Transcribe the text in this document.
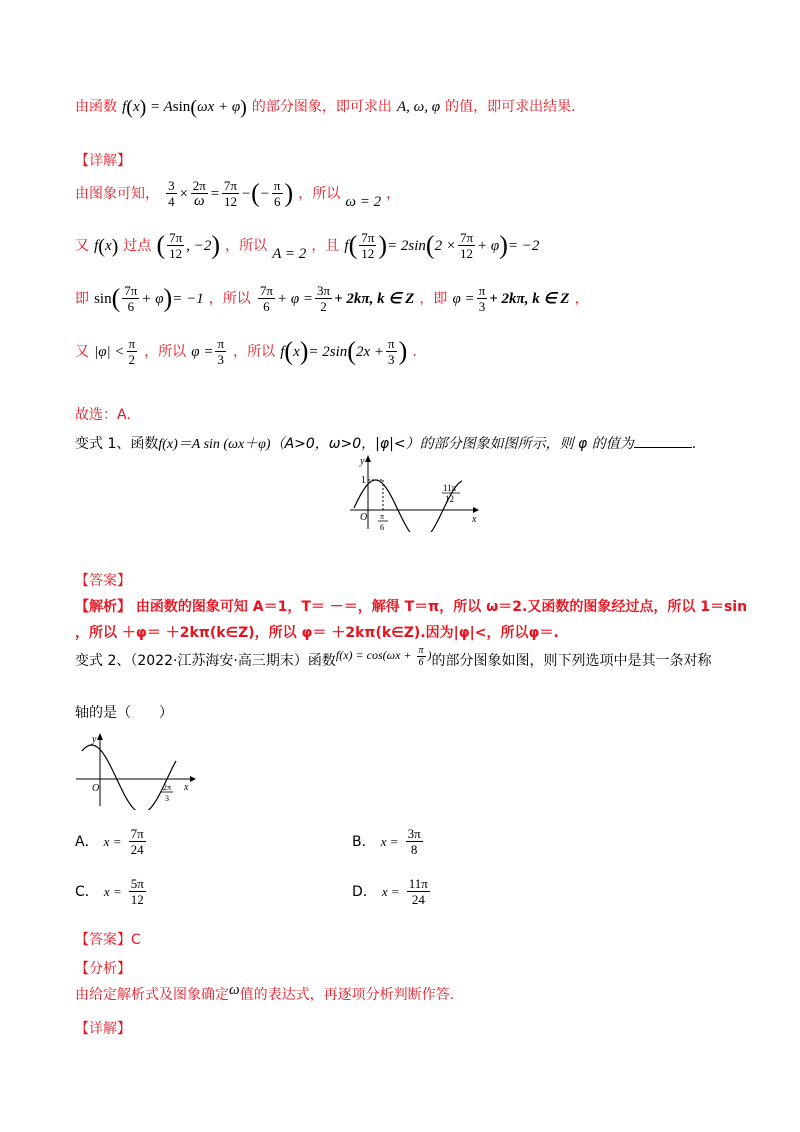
由函数 f(x) = Asin(ωx + φ) 的部分图象，即可求出 A, ω, φ 的值，即可求出结果.
【详解】
由图象可知， $\frac{3}{4} \times \frac{2\pi}{\omega} = \frac{7\pi}{12}$ −(− $\frac{\pi}{6}$ ) ，所以 ω = 2 ，
又 f(x) 过点 ( $\frac{7\pi}{12}$ , −2) ，所以 A = 2 ，且 $f( \frac{7\pi}{12}$ )= $2\sin(2 \times \frac{7\pi}{12} + \varphi)= -2$
即 $\sin( \frac{7\pi}{6} + \varphi)= -1$ ，所以 $\frac{7\pi}{6} + \varphi = \frac{3\pi}{2} + 2k\pi$, k ∈ Z ，即 $\varphi = \frac{\pi}{3} + 2k\pi$, k ∈ Z ，
又 $|\varphi| < \frac{\pi}{2}$ ，所以 $\varphi = \frac{\pi}{3}$ ，所以 $f(x)= 2\sin(2x + \frac{\pi}{3}$ ) .
故选：A.
变式 1、函数f(x)＝A sin (ωx＋φ)（A>0，ω>0，|φ|<）的部分图象如图所示，则 φ 的值为	.
y
x
O
1
π
6
11π
12
【答案】
【解析】 由函数的图象可知 A＝1，T＝ －＝，解得 T＝π，所以 ω＝2.又函数的图象经过点，所以 1＝sin
，所以 ＋φ＝ ＋2kπ(k∈Z)，所以 φ＝ ＋2kπ(k∈Z).因为|φ|<，所以φ＝.
变式 2、（2022·江苏海安·高三期末）函数$f(x) = \cos(\omega x + \frac{\pi}{6}$ )的部分图象如图，则下列选项中是其一条对称
轴的是（　　）
y
x
O	2π
3
A． $x = \frac{7\pi}{24}$	B． $x = \frac{3\pi}{8}$
C． $x = \frac{5\pi}{12}$	D． $x = \frac{11\pi}{24}$
【答案】C
【分析】
由给定解析式及图象确定ω值的表达式，再逐项分析判断作答.
【详解】
